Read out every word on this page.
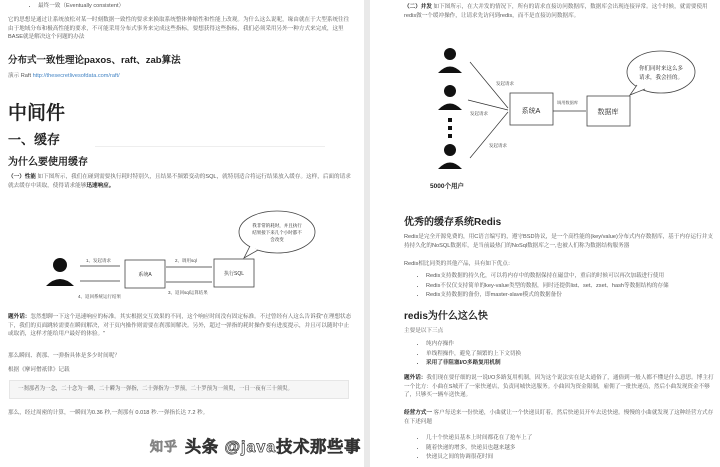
• 最终一致（Eventually consistent）
它的思想是通过让系统放松对某一时刻数据一致性的要求来换取系统整体伸缩性和性能上改观。为什么这么说呢，缘由就在于大型系统往往由于地域分布和极高性能的要求，不可能采用分布式事务来完成这些指标，要想获得这些指标，我们必须采用另外一种方式来完成，这里BASE就是解决这个问题的办法
分布式一致性理论paxos、raft、zab算法
演示 Raft http://thesecretlivesofdata.com/raft/
中间件
一、缓存
为什么要使用缓存
（一）性能 如下图所示，我们在碰到需要执行耗时特别久，且结果不频繁变动的SQL，就特别适合将运行结果放入缓存。这样，后面的请求就去缓存中读取，使得请求能够迅速响应。
1、发起请求	2、调用sql
3、返回sql运算结果
4、返回系统运行结果
系统A	执行SQL
我非常的耗时，并且执行
结果接下来几个小时都不
会改变
题外话：忽然想聊一下这个迅速响应的标准。其实根据交互效果的不同，这个响应时间没有固定标准。不过曾经有人这么告诉我"在理想状态下，我们的页面跳转需要在瞬间解决，对于页内操作则需要在刹那间解决。另外，超过一弹指的耗时操作要有进度提示，并且可以随时中止或取消，这样才能给用户最好的体验。"
那么瞬间、刹那、一弹指具体是多少时间呢？
根据《摩诃僧祇律》记载
一刹那者为一念，二十念为一瞬，二十瞬为一弹指，二十弹指为一罗预，二十罗预为一须臾，一日一夜有三十须臾。
那么，经过周密的计算，一瞬间为0.36 秒,一刹那有 0.018 秒.一弹指长达 7.2 秒。
知乎 头条 @java技术那些事
（二）并发 如下图所示，在大并发的情况下，所有的请求直接访问数据库，数据库会出现连接异常。这个时候，就需要使用redis做一个缓冲操作，让请求先访问到redis，而不是直接访问数据库。
发起请求
发起请求
发起请求
调用数据库
系统A	数据库
你们同时来这么多
请求，我会挂的。
5000个用户
优秀的缓存系统Redis
Redis是完全开源免费的，用C语言编写的，遵守BSD协议，是一个高性能的(key/value)分布式内存数据库，基于内存运行并支持持久化的NoSQL数据库，是当前最热门的NoSql数据库之一,也被人们称为数据结构服务器
Redis相比同类的其他产品，具有如下优点：
• Redis支持数据的持久化，可以将内存中的数据保持在磁盘中，重启的时候可以再次加载进行使用
• Redis不仅仅支持简单的key-value类型的数据，同时还提供list、set、zset、hash等数据结构的存储
• Redis支持数据的备份，即master-slave模式的数据备份
redis为什么这么快
主要是以下三点
• 纯内存操作
• 单线程操作，避免了频繁的上下文切换
• 采用了非阻塞I/O多路复用机制
题外话：我们现在要仔细的说一说I/O多路复用机制，因为这个说法实在是太通俗了，通俗到一般人都不懂是什么意思。博主打一个比方：小曲在S城开了一家快递店，负责同城快送服务。小曲因为资金限制，雇佣了一批快递员，然后小曲发现资金不够了，只够买一辆车送快递。
经营方式一 客户每送来一份快递，小曲就让一个快递员盯着，然后快递员开车去送快递。慢慢的小曲就发现了这种经营方式存在下述问题
• 几十个快递员基本上时间都花在了抢车上了
• 随着快递的增多，快递员也越来越多
• 快递员之间的协调很花时间
